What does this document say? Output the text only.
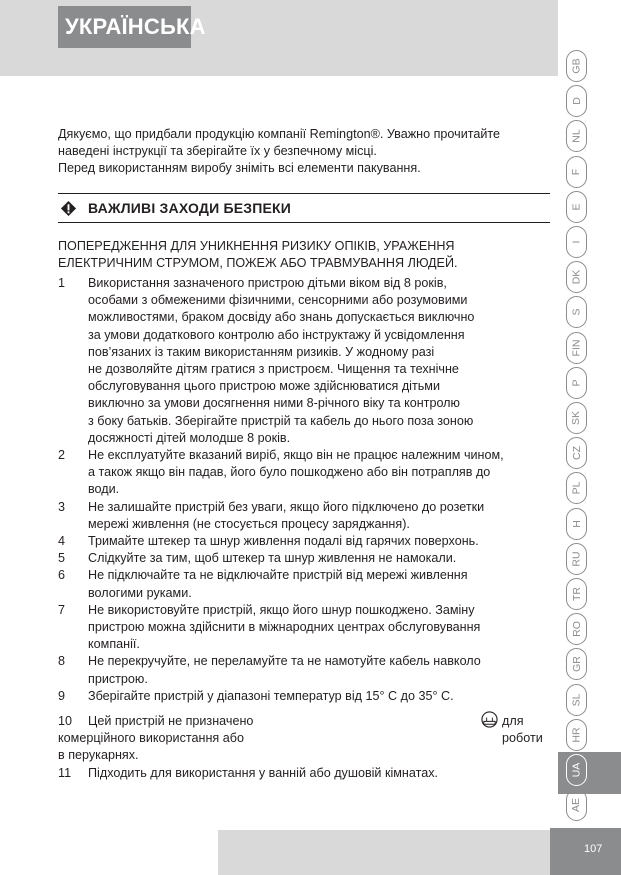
УКРАЇНСЬКА

Дякуємо, що придбали продукцію компанії Remington®. Уважно прочитайте

наведені інструкції та зберігайте їх у безпечному місці.

Перед використанням виробу зніміть всі елементи пакування.

ВАЖЛИВІ ЗАХОДИ БЕЗПЕКИ
ПОПЕРЕДЖЕННЯ ДЛЯ УНИКНЕННЯ РИЗИКУ ОПІКІВ, УРАЖЕННЯ
ЕЛЕКТРИЧНИМ СТРУМОМ, ПОЖЕЖ АБО ТРАВМУВАННЯ ЛЮДЕЙ.
1 Використання зазначеного пристрою дітьми віком від 8 років,
особами з обмеженими фізичними, сенсорними або розумовими
можливостями, браком досвіду або знань допускається виключно
за умови додаткового контролю або інструктажу й усвідомлення
пов’язаних із таким використанням ризиків. У жодному разі
не дозволяйте дітям гратися з пристроєм. Чищення та технічне
обслуговування цього пристрою може здійснюватися дітьми
виключно за умови досягнення ними 8-річного віку та контролю
з боку батьків. Зберігайте пристрій та кабель до нього поза зоною
досяжності дітей молодше 8 років.
2 Не експлуатуйте вказаний виріб, якщо він не працює належним чином,
а також якщо він падав, його було пошкоджено або він потрапляв до
води.
3 Не залишайте пристрій без уваги, якщо його підключено до розетки
мережі живлення (не стосується процесу заряджання).
4 Тримайте штекер та шнур живлення подалі від гарячих поверхонь.
5 Слідкуйте за тим, щоб штекер та шнур живлення не намокали.
6 Не підключайте та не відключайте пристрій від мережі живлення
вологими руками.
7 Не використовуйте пристрій, якщо його шнур пошкоджено. Заміну
пристрою можна здійснити в міжнародних центрах обслуговування
компанії.
8 Не перекручуйте, не переламуйте та не намотуйте кабель навколо
пристрою.
9 Зберігайте пристрій у діапазоні температур від 15° C до 35° C.
10 Цей пристрій не призначено	для
комерційного використання або	роботи
в перукарнях.
11 Підходить для використання у ванній або душовій кімнатах.
GB
D
NL
F
E
I
DK
S
FIN
P
SK
CZ
PL
H
RU
TR
RO
GR
SL
HR
UA
AE
107
